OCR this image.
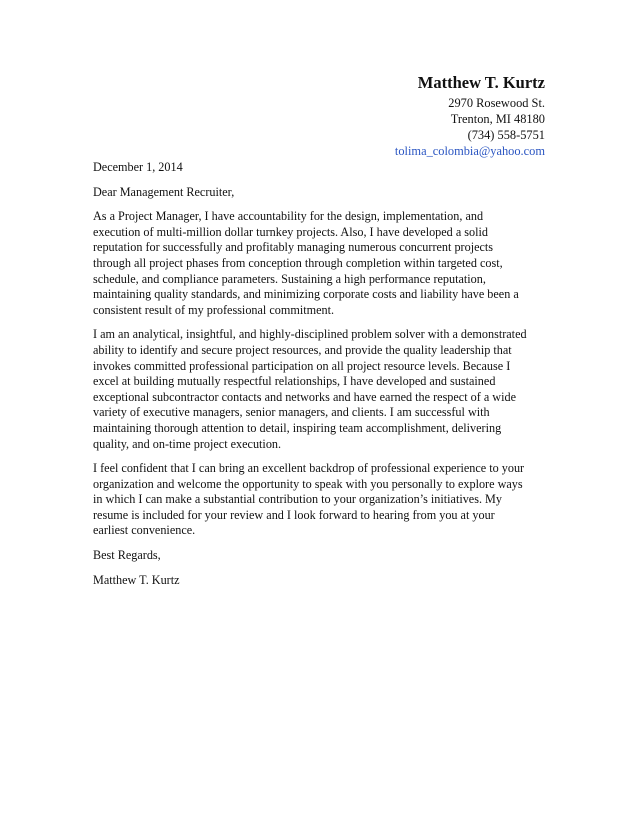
Matthew T. Kurtz
2970 Rosewood St.
Trenton, MI 48180
(734) 558-5751
tolima_colombia@yahoo.com
December 1, 2014
Dear Management Recruiter,
As a Project Manager, I have accountability for the design, implementation, and
execution of multi-million dollar turnkey projects. Also, I have developed a solid
reputation for successfully and profitably managing numerous concurrent projects
through all project phases from conception through completion within targeted cost,
schedule, and compliance parameters. Sustaining a high performance reputation,
maintaining quality standards, and minimizing corporate costs and liability have been a
consistent result of my professional commitment.
I am an analytical, insightful, and highly-disciplined problem solver with a demonstrated
ability to identify and secure project resources, and provide the quality leadership that
invokes committed professional participation on all project resource levels. Because I
excel at building mutually respectful relationships, I have developed and sustained
exceptional subcontractor contacts and networks and have earned the respect of a wide
variety of executive managers, senior managers, and clients. I am successful with
maintaining thorough attention to detail, inspiring team accomplishment, delivering
quality, and on-time project execution.
I feel confident that I can bring an excellent backdrop of professional experience to your
organization and welcome the opportunity to speak with you personally to explore ways
in which I can make a substantial contribution to your organization’s initiatives. My
resume is included for your review and I look forward to hearing from you at your
earliest convenience.
Best Regards,
Matthew T. Kurtz
